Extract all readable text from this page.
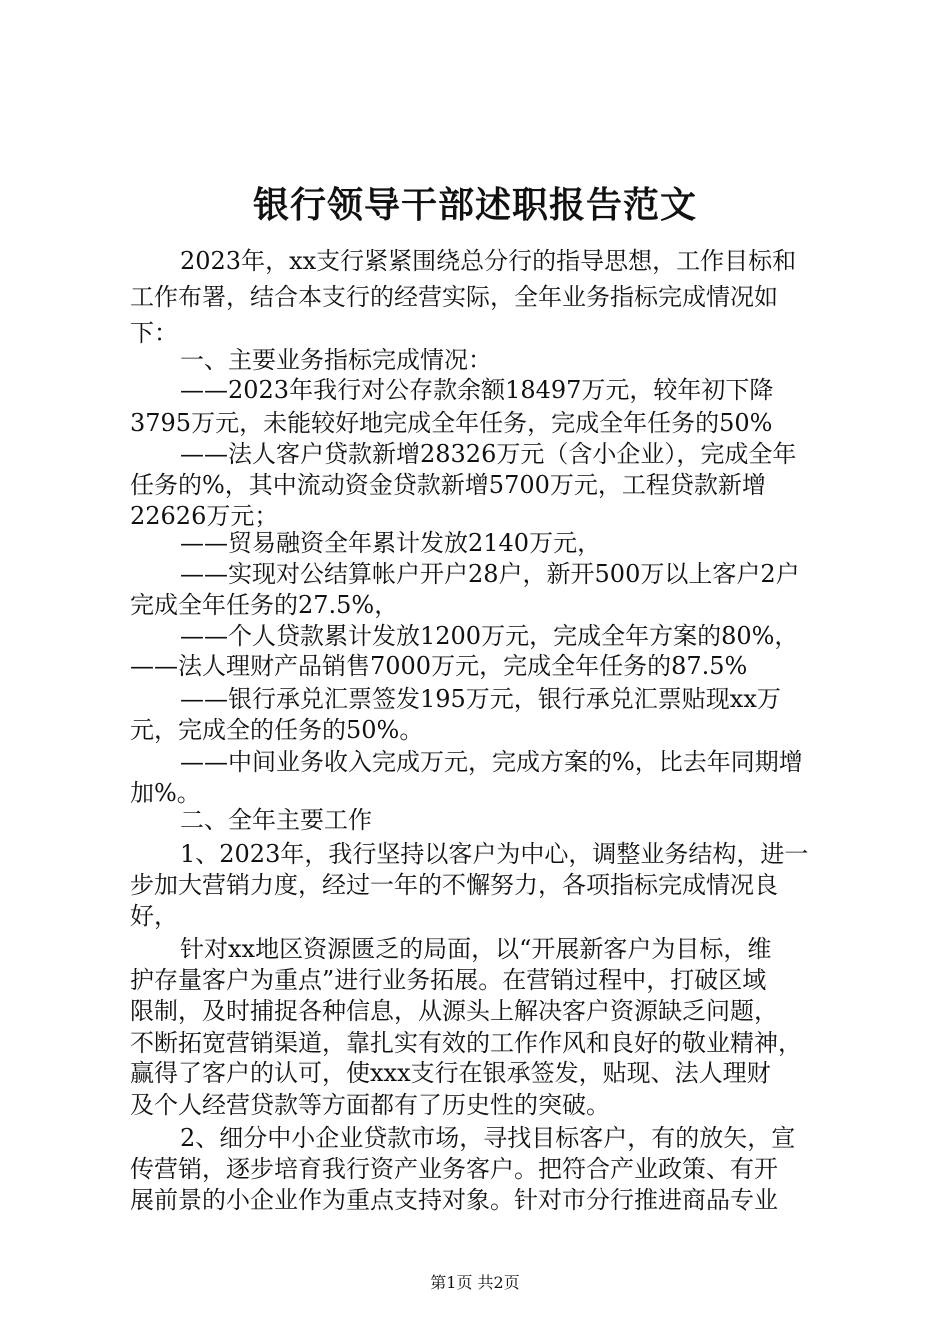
银行领导干部述职报告范文
2023年，xx支行紧紧围绕总分行的指导思想，工作目标和
工作布署，结合本支行的经营实际，全年业务指标完成情况如
下：
一、主要业务指标完成情况：
——2023年我行对公存款余额18497万元，较年初下降
3795万元，未能较好地完成全年任务，完成全年任务的50%
——法人客户贷款新增28326万元（含小企业），完成全年
任务的%，其中流动资金贷款新增5700万元，工程贷款新增
22626万元；
——贸易融资全年累计发放2140万元，
——实现对公结算帐户开户28户，新开500万以上客户2户
完成全年任务的27.5%，
——个人贷款累计发放1200万元，完成全年方案的80%，
——法人理财产品销售7000万元，完成全年任务的87.5%
——银行承兑汇票签发195万元，银行承兑汇票贴现xx万
元，完成全的任务的50%。
——中间业务收入完成万元，完成方案的%，比去年同期增
加%。
二、全年主要工作
1、2023年，我行坚持以客户为中心，调整业务结构，进一
步加大营销力度，经过一年的不懈努力，各项指标完成情况良
好，
针对xx地区资源匮乏的局面，以“开展新客户为目标，维
护存量客户为重点”进行业务拓展。在营销过程中，打破区域
限制，及时捕捉各种信息，从源头上解决客户资源缺乏问题，
不断拓宽营销渠道，靠扎实有效的工作作风和良好的敬业精神，
赢得了客户的认可，使xxx支行在银承签发，贴现、法人理财
及个人经营贷款等方面都有了历史性的突破。
2、细分中小企业贷款市场，寻找目标客户，有的放矢，宣
传营销，逐步培育我行资产业务客户。把符合产业政策、有开
展前景的小企业作为重点支持对象。针对市分行推进商品专业
第1页 共2页
